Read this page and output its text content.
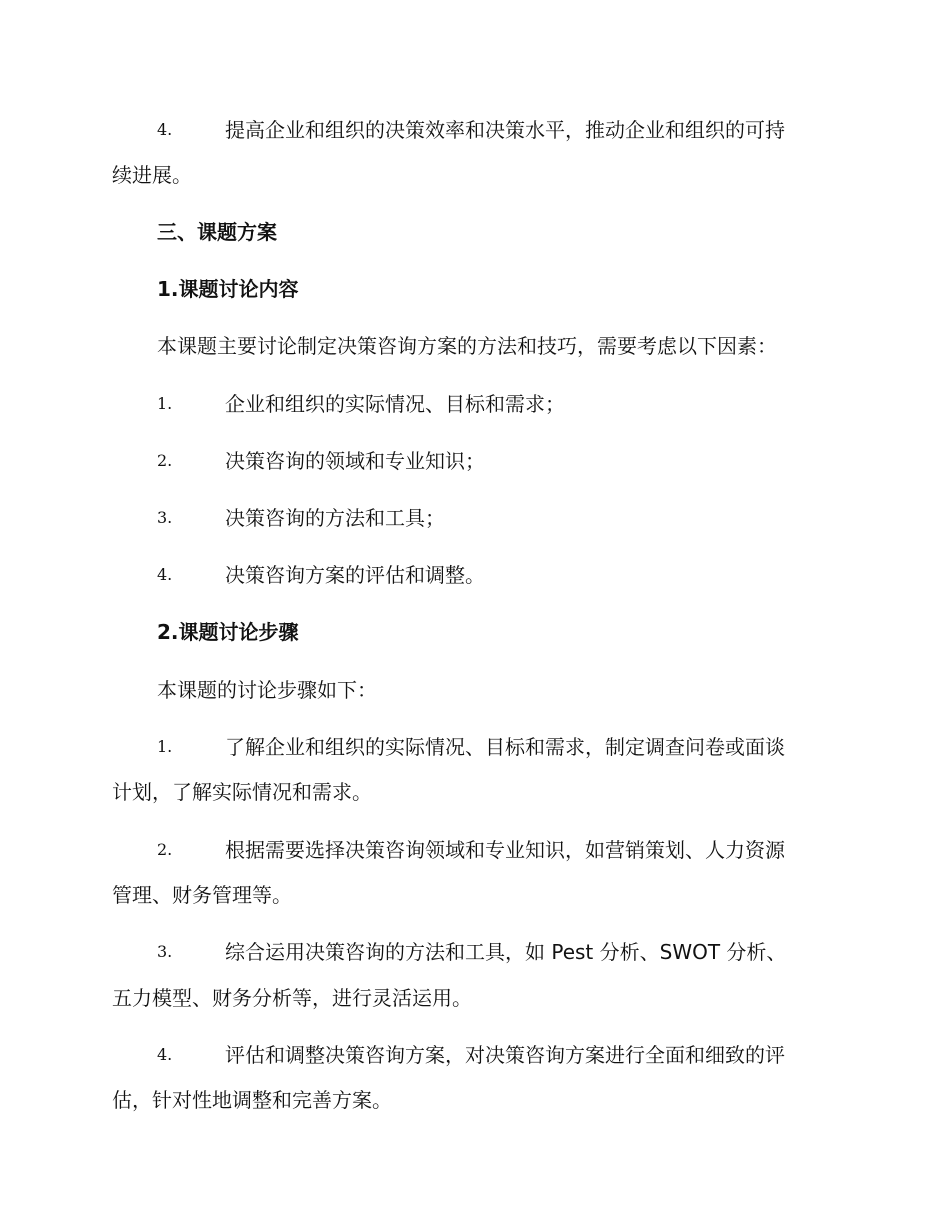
4.	提高企业和组织的决策效率和决策水平，推动企业和组织的可持
续进展。
三、课题方案
1.课题讨论内容
本课题主要讨论制定决策咨询方案的方法和技巧，需要考虑以下因素：
1.	企业和组织的实际情况、目标和需求；
2.	决策咨询的领域和专业知识；
3.	决策咨询的方法和工具；
4.	决策咨询方案的评估和调整。
2.课题讨论步骤
本课题的讨论步骤如下：
1.	了解企业和组织的实际情况、目标和需求，制定调查问卷或面谈
计划，了解实际情况和需求。
2.	根据需要选择决策咨询领域和专业知识，如营销策划、人力资源
管理、财务管理等。
3.	综合运用决策咨询的方法和工具，如 Pest 分析、SWOT 分析、
五力模型、财务分析等，进行灵活运用。
4.	评估和调整决策咨询方案，对决策咨询方案进行全面和细致的评
估，针对性地调整和完善方案。
